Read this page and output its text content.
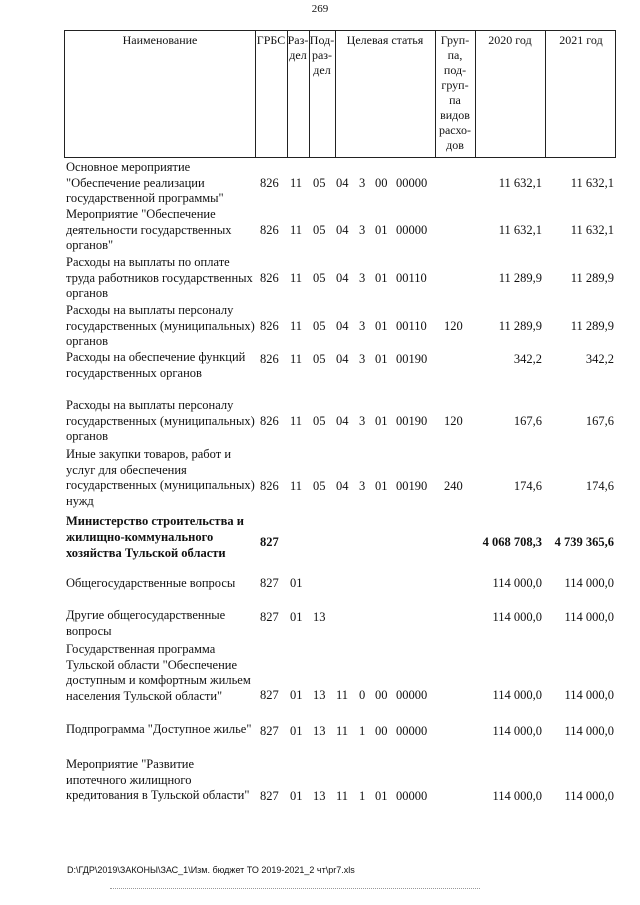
269
Наименование	ГРБС Раз-
дел
Под-
раз-
дел
Целевая статья	Груп-
па,
под-
груп-
па
видов
расхо-
дов
2020 год	2021 год
Основное мероприятие "Обеспечение реализации государственной программы"
826 11 05 04 3 00 00000	11 632,1	11 632,1
Мероприятие "Обеспечение деятельности государственных органов"
826 11 05 04 3 01 00000	11 632,1	11 632,1
Расходы на выплаты по оплате труда работников государственных органов
826 11 05 04 3 01 00110	11 289,9	11 289,9
Расходы на выплаты персоналу государственных (муниципальных) органов
826 11 05 04 3 01 00110	120	11 289,9	11 289,9
Расходы на обеспечение функций государственных органов
826 11 05 04 3 01 00190	342,2	342,2
Расходы на выплаты персоналу государственных (муниципальных) органов
826 11 05 04 3 01 00190	120	167,6	167,6
Иные закупки товаров, работ и услуг для обеспечения государственных (муниципальных) нужд
826 11 05 04 3 01 00190	240	174,6	174,6
Министерство строительства и жилищно-коммунального хозяйства Тульской области
827	4 068 708,3	4 739 365,6
Общегосударственные вопросы	827 01	114 000,0	114 000,0
Другие общегосударственные вопросы
827 01 13	114 000,0	114 000,0
Государственная программа Тульской области "Обеспечение доступным и комфортным жильем населения Тульской области"	827 01 13 11 0 00 00000	114 000,0	114 000,0
Подпрограмма "Доступное жилье" 827 01 13 11 1 00 00000	114 000,0	114 000,0
Мероприятие "Развитие ипотечного жилищного кредитования в Тульской области" 827 01 13 11 1 01 00000	114 000,0	114 000,0
D:\ГДР\2019\ЗАКОНЫ\ЗАС_1\Изм. бюджет ТО 2019-2021_2 чт\pr7.xls
